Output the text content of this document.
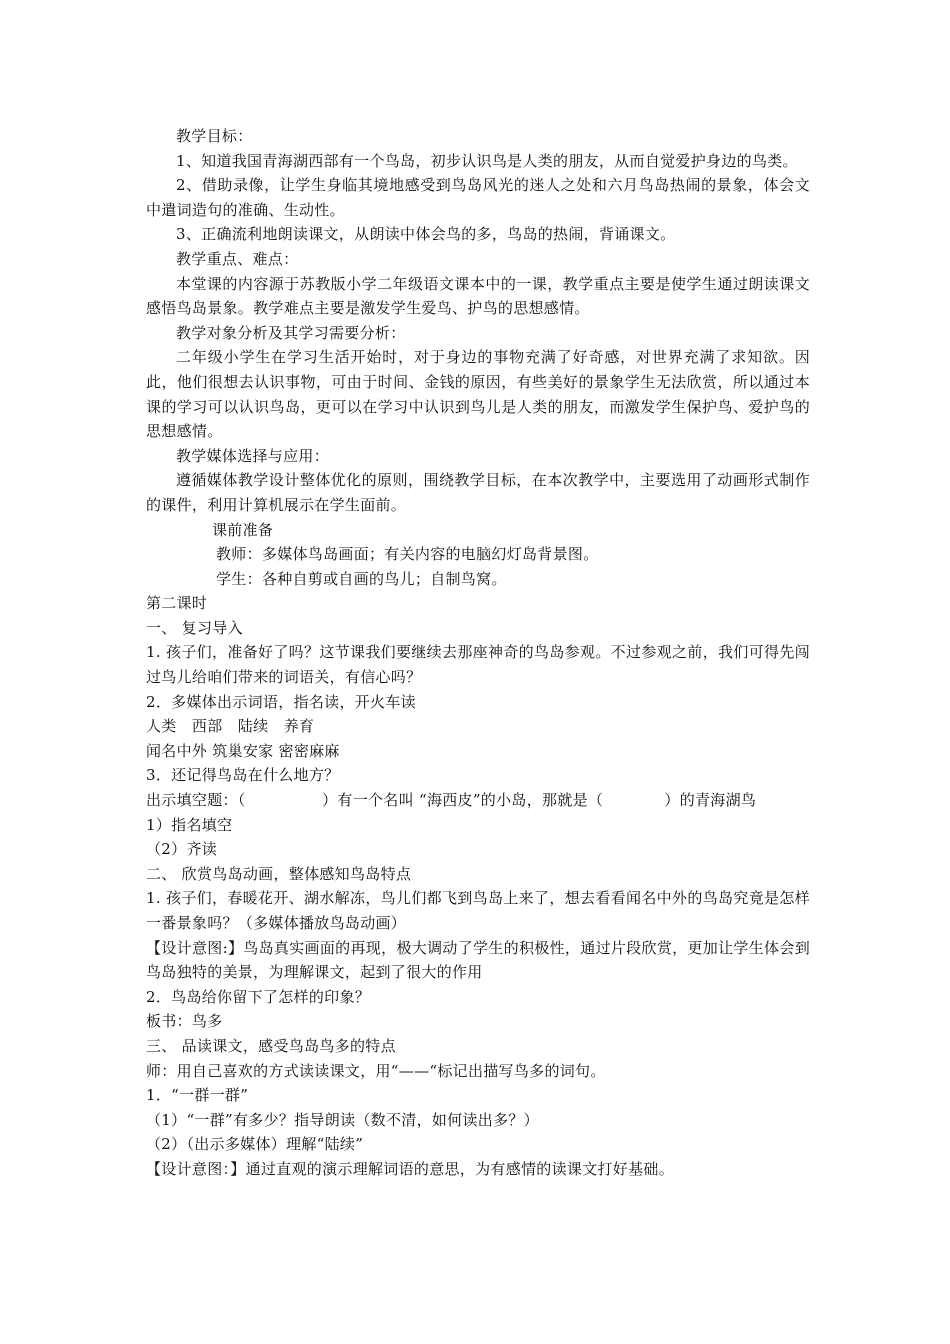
教学目标：

1、知道我国青海湖西部有一个鸟岛，初步认识鸟是人类的朋友，从而自觉爱护身边的鸟类。

2、借助录像，让学生身临其境地感受到鸟岛风光的迷人之处和六月鸟岛热闹的景象，体会文中遣词造句的准确、生动性。

3、正确流利地朗读课文，从朗读中体会鸟的多，鸟岛的热闹，背诵课文。

教学重点、难点：

本堂课的内容源于苏教版小学二年级语文课本中的一课，教学重点主要是使学生通过朗读课文感悟鸟岛景象。教学难点主要是激发学生爱鸟、护鸟的思想感情。

教学对象分析及其学习需要分析：

二年级小学生在学习生活开始时，对于身边的事物充满了好奇感，对世界充满了求知欲。因此，他们很想去认识事物，可由于时间、金钱的原因，有些美好的景象学生无法欣赏，所以通过本课的学习可以认识鸟岛，更可以在学习中认识到鸟儿是人类的朋友，而激发学生保护鸟、爱护鸟的思想感情。

教学媒体选择与应用：

遵循媒体教学设计整体优化的原则，围绕教学目标，在本次教学中，主要选用了动画形式制作的课件，利用计算机展示在学生面前。

课前准备

教师：多媒体鸟岛画面；有关内容的电脑幻灯岛背景图。

学生：各种自剪或自画的鸟儿；自制鸟窝。

第二课时

一、 复习导入

1. 孩子们，准备好了吗？这节课我们要继续去那座神奇的鸟岛参观。不过参观之前，我们可得先闯过鸟儿给咱们带来的词语关，有信心吗？

2．多媒体出示词语，指名读，开火车读

人类　西部　陆续　养育

闻名中外 筑巢安家 密密麻麻

3．还记得鸟岛在什么地方？

出示填空题：（　　　　　）有一个名叫 “海西皮”的小岛，那就是（　　　　）的青海湖鸟

1）指名填空

（2）齐读

二、 欣赏鸟岛动画，整体感知鸟岛特点

1. 孩子们，春暖花开、湖水解冻，鸟儿们都飞到鸟岛上来了，想去看看闻名中外的鸟岛究竟是怎样一番景象吗？（多媒体播放鸟岛动画）

【设计意图:】鸟岛真实画面的再现，极大调动了学生的积极性，通过片段欣赏，更加让学生体会到鸟岛独特的美景，为理解课文，起到了很大的作用

2．鸟岛给你留下了怎样的印象？

板书：鸟多

三、 品读课文，感受鸟岛鸟多的特点

师：用自己喜欢的方式读读课文，用“——“标记出描写鸟多的词句。

1．“一群一群”

（1）“一群”有多少？指导朗读（数不清，如何读出多？）

（2）（出示多媒体）理解“陆续”

【设计意图：】通过直观的演示理解词语的意思，为有感情的读课文打好基础。
